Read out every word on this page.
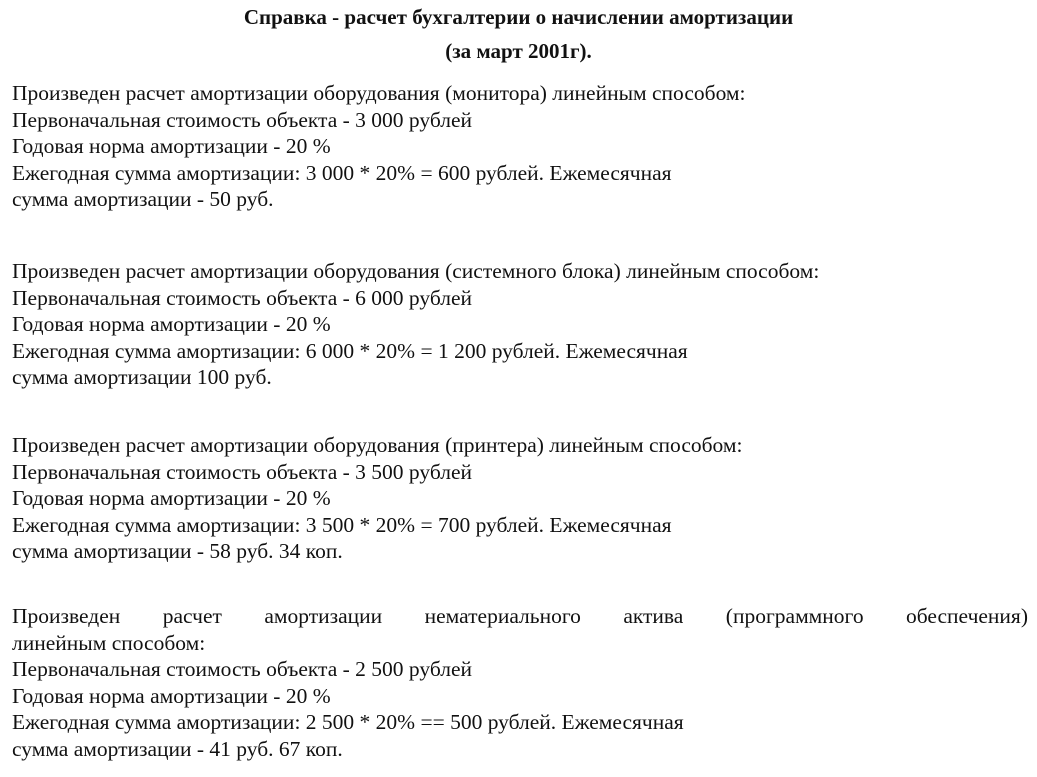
Справка - расчет бухгалтерии о начислении амортизации
(за март 2001г).
Произведен расчет амортизации оборудования (монитора) линейным способом:
Первоначальная стоимость объекта - 3 000 рублей
Годовая норма амортизации - 20 %
Ежегодная сумма амортизации: 3 000 * 20% = 600 рублей. Ежемесячная
сумма амортизации - 50 руб.
Произведен расчет амортизации оборудования (системного блока) линейным способом:
Первоначальная стоимость объекта - 6 000 рублей
Годовая норма амортизации - 20 %
Ежегодная сумма амортизации: 6 000 * 20% = 1 200 рублей. Ежемесячная
сумма амортизации 100 руб.
Произведен расчет амортизации оборудования (принтера) линейным способом:
Первоначальная стоимость объекта - 3 500 рублей
Годовая норма амортизации - 20 %
Ежегодная сумма амортизации: 3 500 * 20% = 700 рублей. Ежемесячная
сумма амортизации - 58 руб. 34 коп.
Произведен расчет амортизации нематериального актива (программного обеспечения)
линейным способом:
Первоначальная стоимость объекта - 2 500 рублей
Годовая норма амортизации - 20 %
Ежегодная сумма амортизации: 2 500 * 20% == 500 рублей. Ежемесячная
сумма амортизации - 41 руб. 67 коп.
